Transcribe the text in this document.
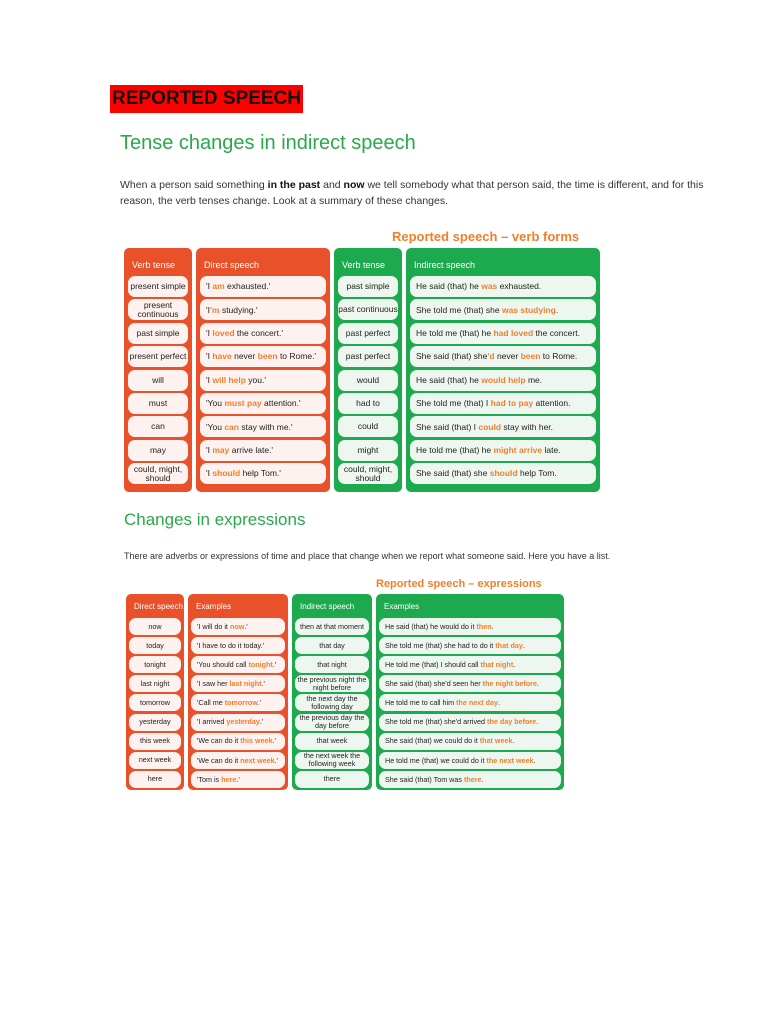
REPORTED SPEECH
Tense changes in indirect speech
When a person said something in the past and now we tell somebody what that person said, the time is different, and for this reason, the verb tenses change. Look at a summary of these changes.
Reported speech – verb forms
Verb tense
present simple
present continuous
past simple
present perfect
will
must
can
may
could, might, should
Direct speech
'I am exhausted.'
'I'm studying.'
'I loved the concert.'
'I have never been to Rome.'
'I will help you.'
'You must pay attention.'
'You can stay with me.'
'I may arrive late.'
'I should help Tom.'
Verb tense
past simple
past continuous
past perfect
past perfect
would
had to
could
might
could, might, should
Indirect speech
He said (that) he was exhausted.
She told me (that) she was studying.
He told me (that) he had loved the concert.
She said (that) she'd never been to Rome.
He said (that) he would help me.
She told me (that) I had to pay attention.
She said (that) I could stay with her.
He told me (that) he might arrive late.
She said (that) she should help Tom.
Changes in expressions
There are adverbs or expressions of time and place that change when we report what someone said. Here you have a list.
Reported speech – expressions
Direct speech
now
today
tonight
last night
tomorrow
yesterday
this week
next week
here
Examples
'I will do it now.'
'I have to do it today.'
'You should call tonight.'
'I saw her last night.'
'Call me tomorrow.'
'I arrived yesterday.'
'We can do it this week.'
'We can do it next week.'
'Tom is here.'
Indirect speech
then at that moment
that day
that night
the previous night the night before
the next day the following day
the previous day the day before
that week
the next week the following week
there
Examples
He said (that) he would do it then.
She told me (that) she had to do it that day.
He told me (that) I should call that night.
She said (that) she'd seen her the night before.
He told me to call him the next day.
She told me (that) she'd arrived the day before.
She said (that) we could do it that week.
He told me (that) we could do it the next week.
She said (that) Tom was there.
